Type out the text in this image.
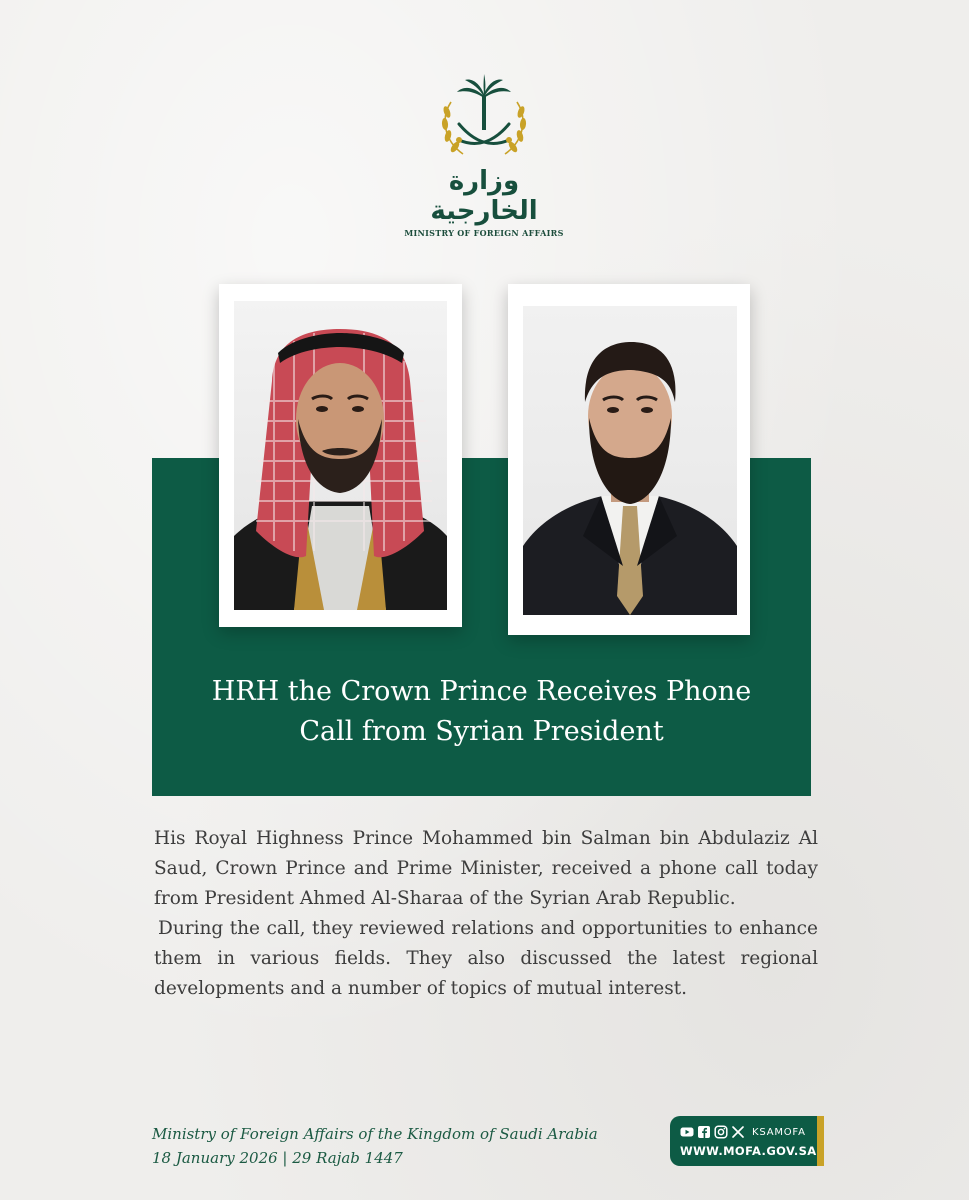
وزارة الخارجية
MINISTRY OF FOREIGN AFFAIRS
HRH the Crown Prince Receives Phone
Call from Syrian President

His Royal Highness Prince Mohammed bin Salman bin Abdulaziz Al Saud, Crown Prince and Prime Minister, received a phone call today from President Ahmed Al-Sharaa of the Syrian Arab Republic.

During the call, they reviewed relations and opportunities to enhance them in various fields. They also discussed the latest regional developments and a number of topics of mutual interest.

Ministry of Foreign Affairs of the Kingdom of Saudi Arabia
18 January 2026 | 29 Rajab 1447
KSAMOFA
WWW.MOFA.GOV.SA
